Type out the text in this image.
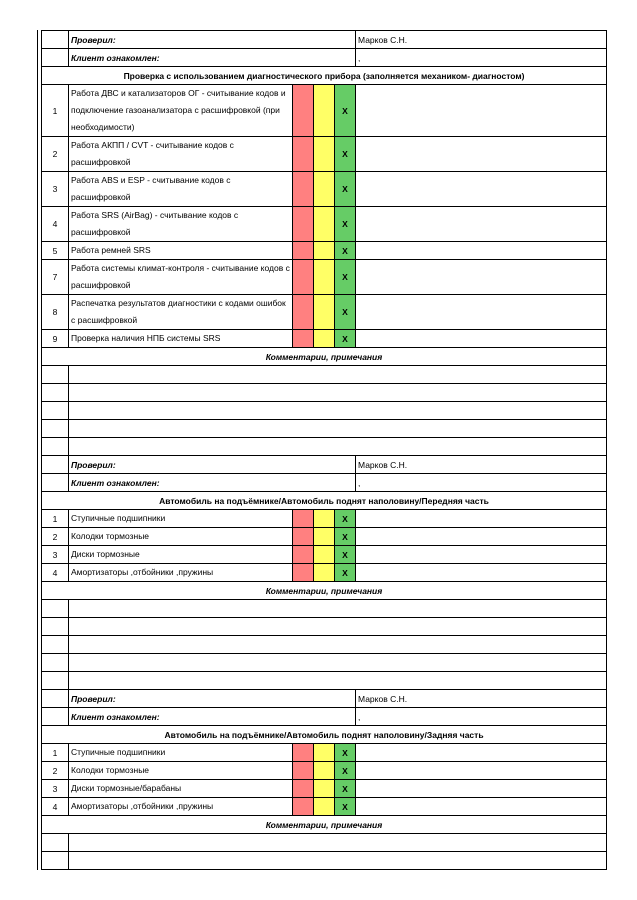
	Проверил:				Марков С.Н.
	Клиент ознакомлен:				,
Проверка с использованием диагностического прибора (заполняется механиком- диагностом)					
1	Работа ДВС и катализаторов ОГ - считывание кодов и подключение газоанализатора с расшифровкой (при необходимости)			X	
2	Работа АКПП / CVT - считывание кодов с расшифровкой			X	
3	Работа ABS и ESP - считывание кодов с расшифровкой			X	
4	Работа SRS (AirBag) - считывание кодов с расшифровкой			X	
5	Работа ремней SRS			X	
7	Работа системы климат-контроля - считывание кодов с расшифровкой			X	
8	Распечатка результатов диагностики с кодами ошибок с расшифровкой			X	
9	Проверка наличия НПБ системы SRS			X	
Комментарии, примечания					

	Проверил:				Марков С.Н.
	Клиент ознакомлен:				,
Автомобиль на подъёмнике/Автомобиль поднят наполовину/Передняя часть					
1	Ступичные подшипники			X	
2	Колодки тормозные			X	
3	Диски тормозные			X	
4	Амортизаторы ,отбойники ,пружины			X	
Комментарии, примечания					

	Проверил:				Марков С.Н.
	Клиент ознакомлен:				,
Автомобиль на подъёмнике/Автомобиль поднят наполовину/Задняя часть					
1	Ступичные подшипники			X	
2	Колодки тормозные			X	
3	Диски тормозные/барабаны			X	
4	Амортизаторы ,отбойники ,пружины			X	
Комментарии, примечания					
